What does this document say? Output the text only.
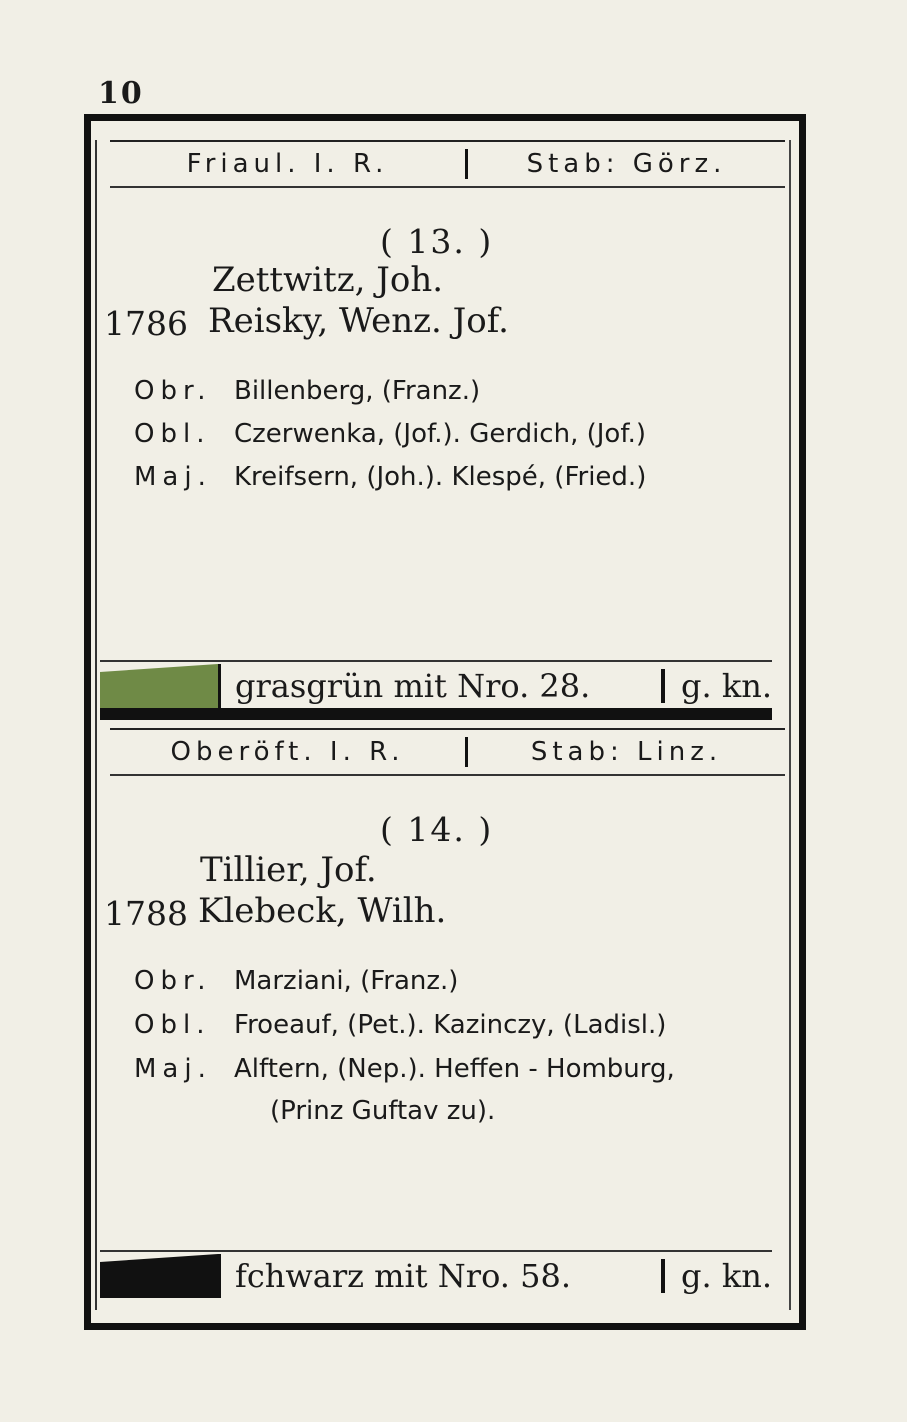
10
Friaul. I. R.	Stab: Görz.
( 13. )
Zettwitz, Joh.
1786 Reisky, Wenz. Jof.
Obr. Billenberg, (Franz.)
Obl. Czerwenka, (Jof.). Gerdich, (Jof.)
Maj. Kreifsern, (Joh.). Klespé, (Fried.)
grasgrün mit Nro. 28.	g. kn.
Oberöft. I. R.	Stab: Linz.
( 14. )
Tillier, Jof.
1788 Klebeck, Wilh.
Obr. Marziani, (Franz.)
Obl. Froeauf, (Pet.). Kazinczy, (Ladisl.)
Maj. Alftern, (Nep.). Heffen - Homburg,
(Prinz Guftav zu).
fchwarz mit Nro. 58.	g. kn.
